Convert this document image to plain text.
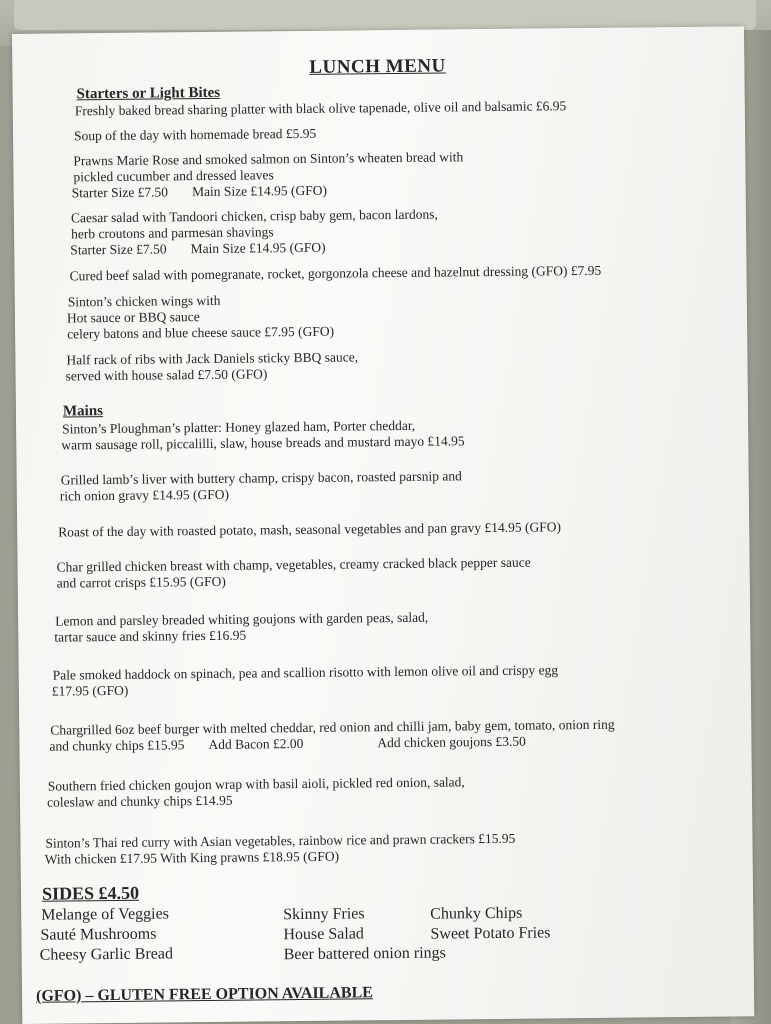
LUNCH MENU
Starters or Light Bites
Freshly baked bread sharing platter with black olive tapenade, olive oil and balsamic £6.95
Soup of the day with homemade bread £5.95
Prawns Marie Rose and smoked salmon on Sinton’s wheaten bread with
pickled cucumber and dressed leaves
Starter Size £7.50 Main Size £14.95 (GFO)
Caesar salad with Tandoori chicken, crisp baby gem, bacon lardons,
herb croutons and parmesan shavings
Starter Size £7.50 Main Size £14.95 (GFO)
Cured beef salad with pomegranate, rocket, gorgonzola cheese and hazelnut dressing (GFO) £7.95
Sinton’s chicken wings with
Hot sauce or BBQ sauce
celery batons and blue cheese sauce £7.95 (GFO)
Half rack of ribs with Jack Daniels sticky BBQ sauce,
served with house salad £7.50 (GFO)
Mains
Sinton’s Ploughman’s platter: Honey glazed ham, Porter cheddar,
warm sausage roll, piccalilli, slaw, house breads and mustard mayo £14.95
Grilled lamb’s liver with buttery champ, crispy bacon, roasted parsnip and
rich onion gravy £14.95 (GFO)
Roast of the day with roasted potato, mash, seasonal vegetables and pan gravy £14.95 (GFO)
Char grilled chicken breast with champ, vegetables, creamy cracked black pepper sauce
and carrot crisps £15.95 (GFO)
Lemon and parsley breaded whiting goujons with garden peas, salad,
tartar sauce and skinny fries £16.95
Pale smoked haddock on spinach, pea and scallion risotto with lemon olive oil and crispy egg
£17.95 (GFO)
Chargrilled 6oz beef burger with melted cheddar, red onion and chilli jam, baby gem, tomato, onion ring
and chunky chips £15.95 Add Bacon £2.00	Add chicken goujons £3.50
Southern fried chicken goujon wrap with basil aioli, pickled red onion, salad,
coleslaw and chunky chips £14.95
Sinton’s Thai red curry with Asian vegetables, rainbow rice and prawn crackers £15.95
With chicken £17.95 With King prawns £18.95 (GFO)
SIDES £4.50
Melange of Veggies	Skinny Fries	Chunky Chips
Sauté Mushrooms	House Salad	Sweet Potato Fries
Cheesy Garlic Bread	Beer battered onion rings
(GFO) – GLUTEN FREE OPTION AVAILABLE
